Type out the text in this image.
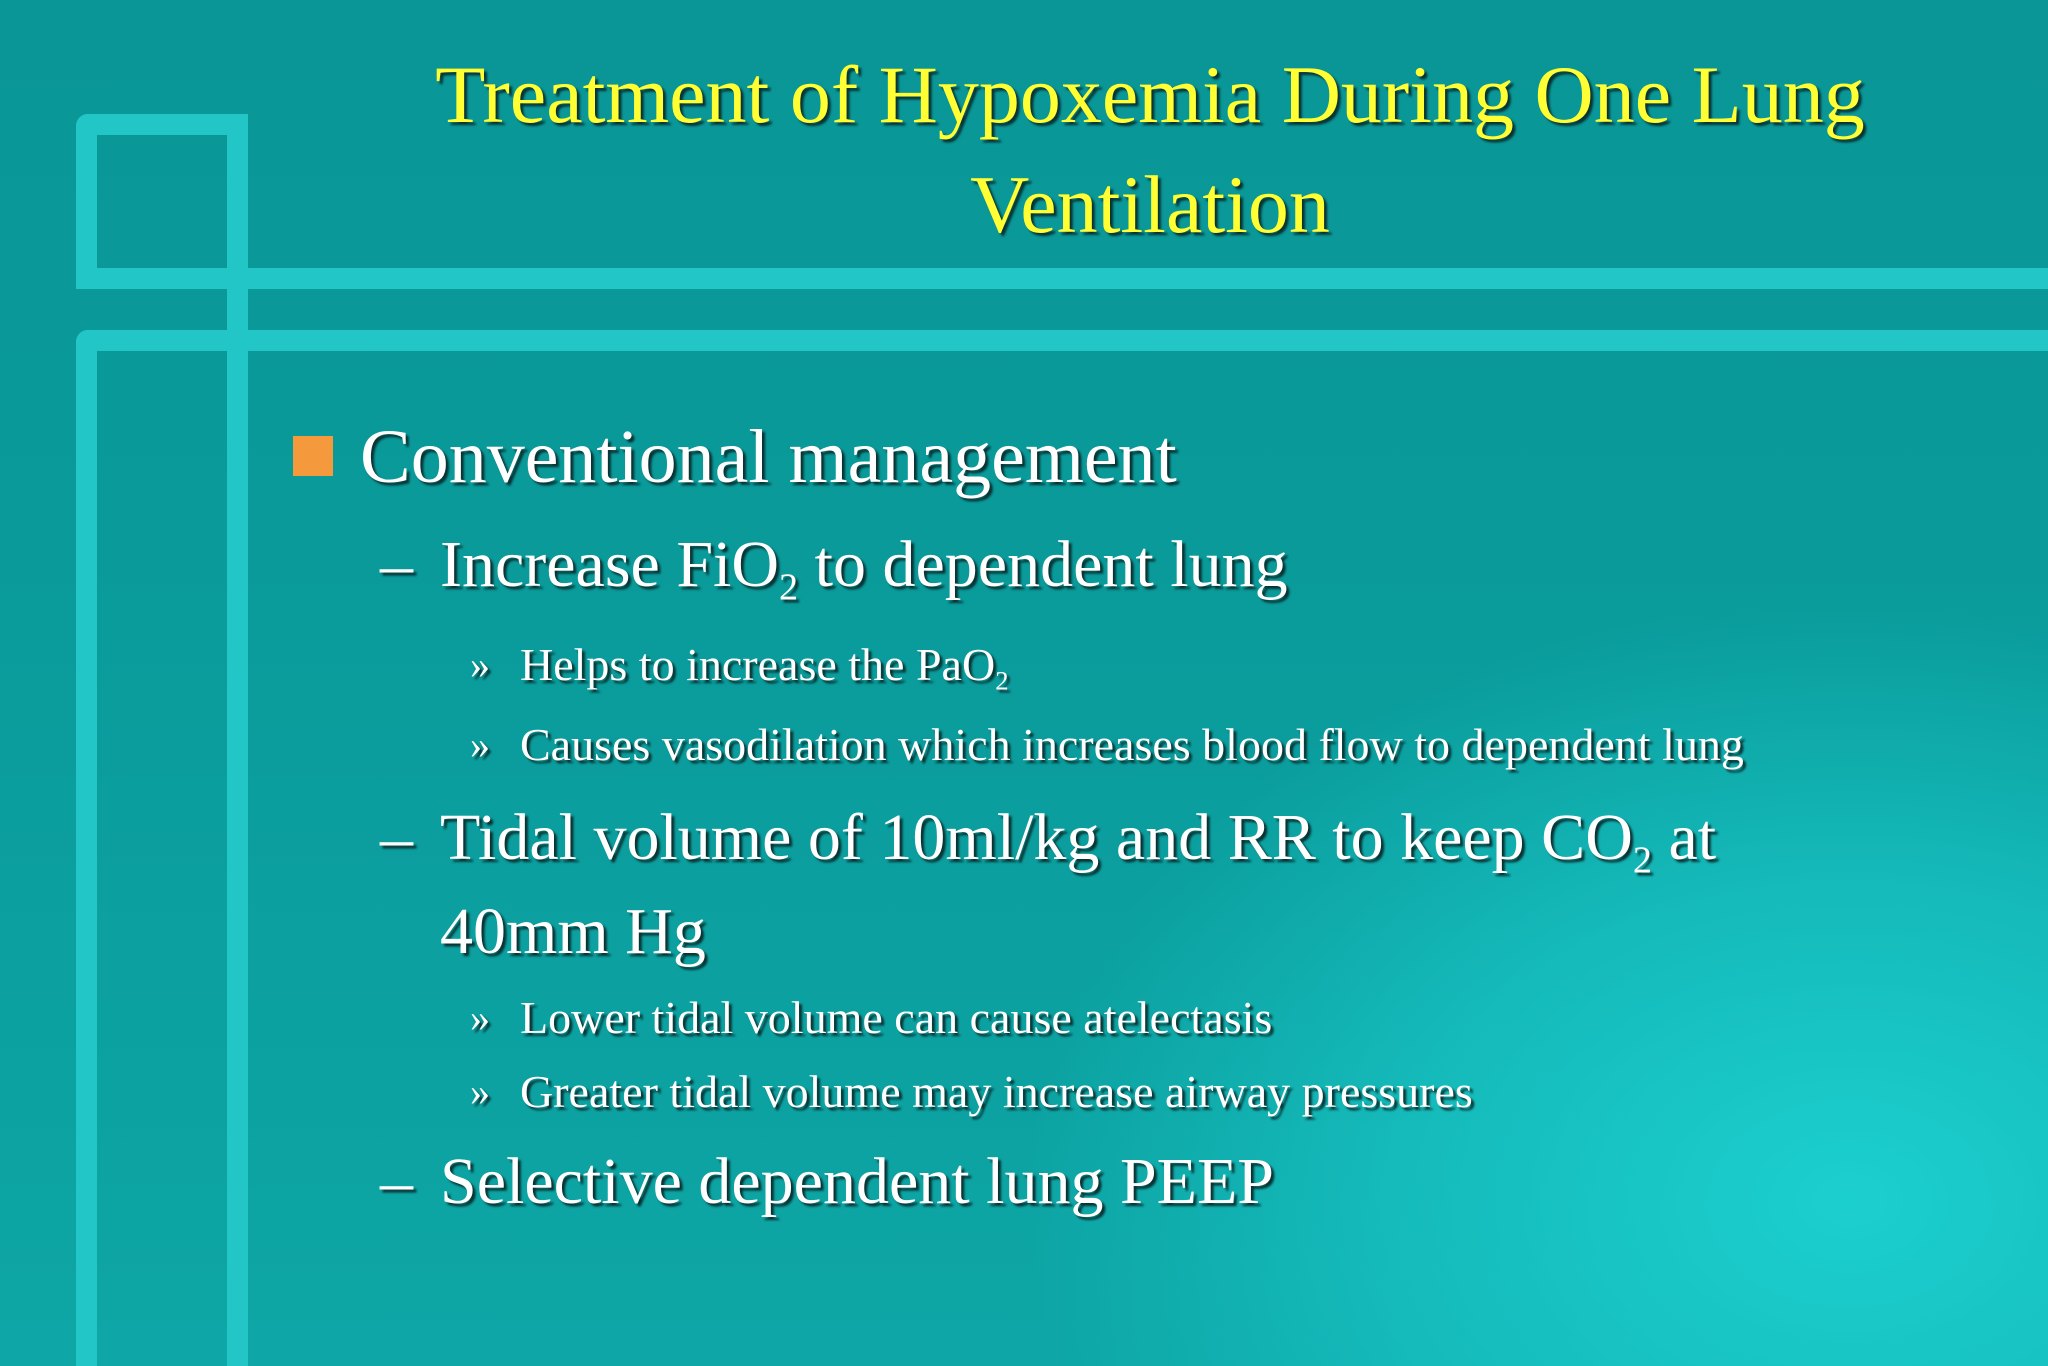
Treatment of Hypoxemia During One Lung Ventilation
Conventional management
– Increase FiO$_2$ to dependent lung
» Helps to increase the PaO$_2$
» Causes vasodilation which increases blood flow to dependent lung
– Tidal volume of 10ml/kg and RR to keep $CO_2$ at
40mm Hg
» Lower tidal volume can cause atelectasis
» Greater tidal volume may increase airway pressures
– Selective dependent lung PEEP
